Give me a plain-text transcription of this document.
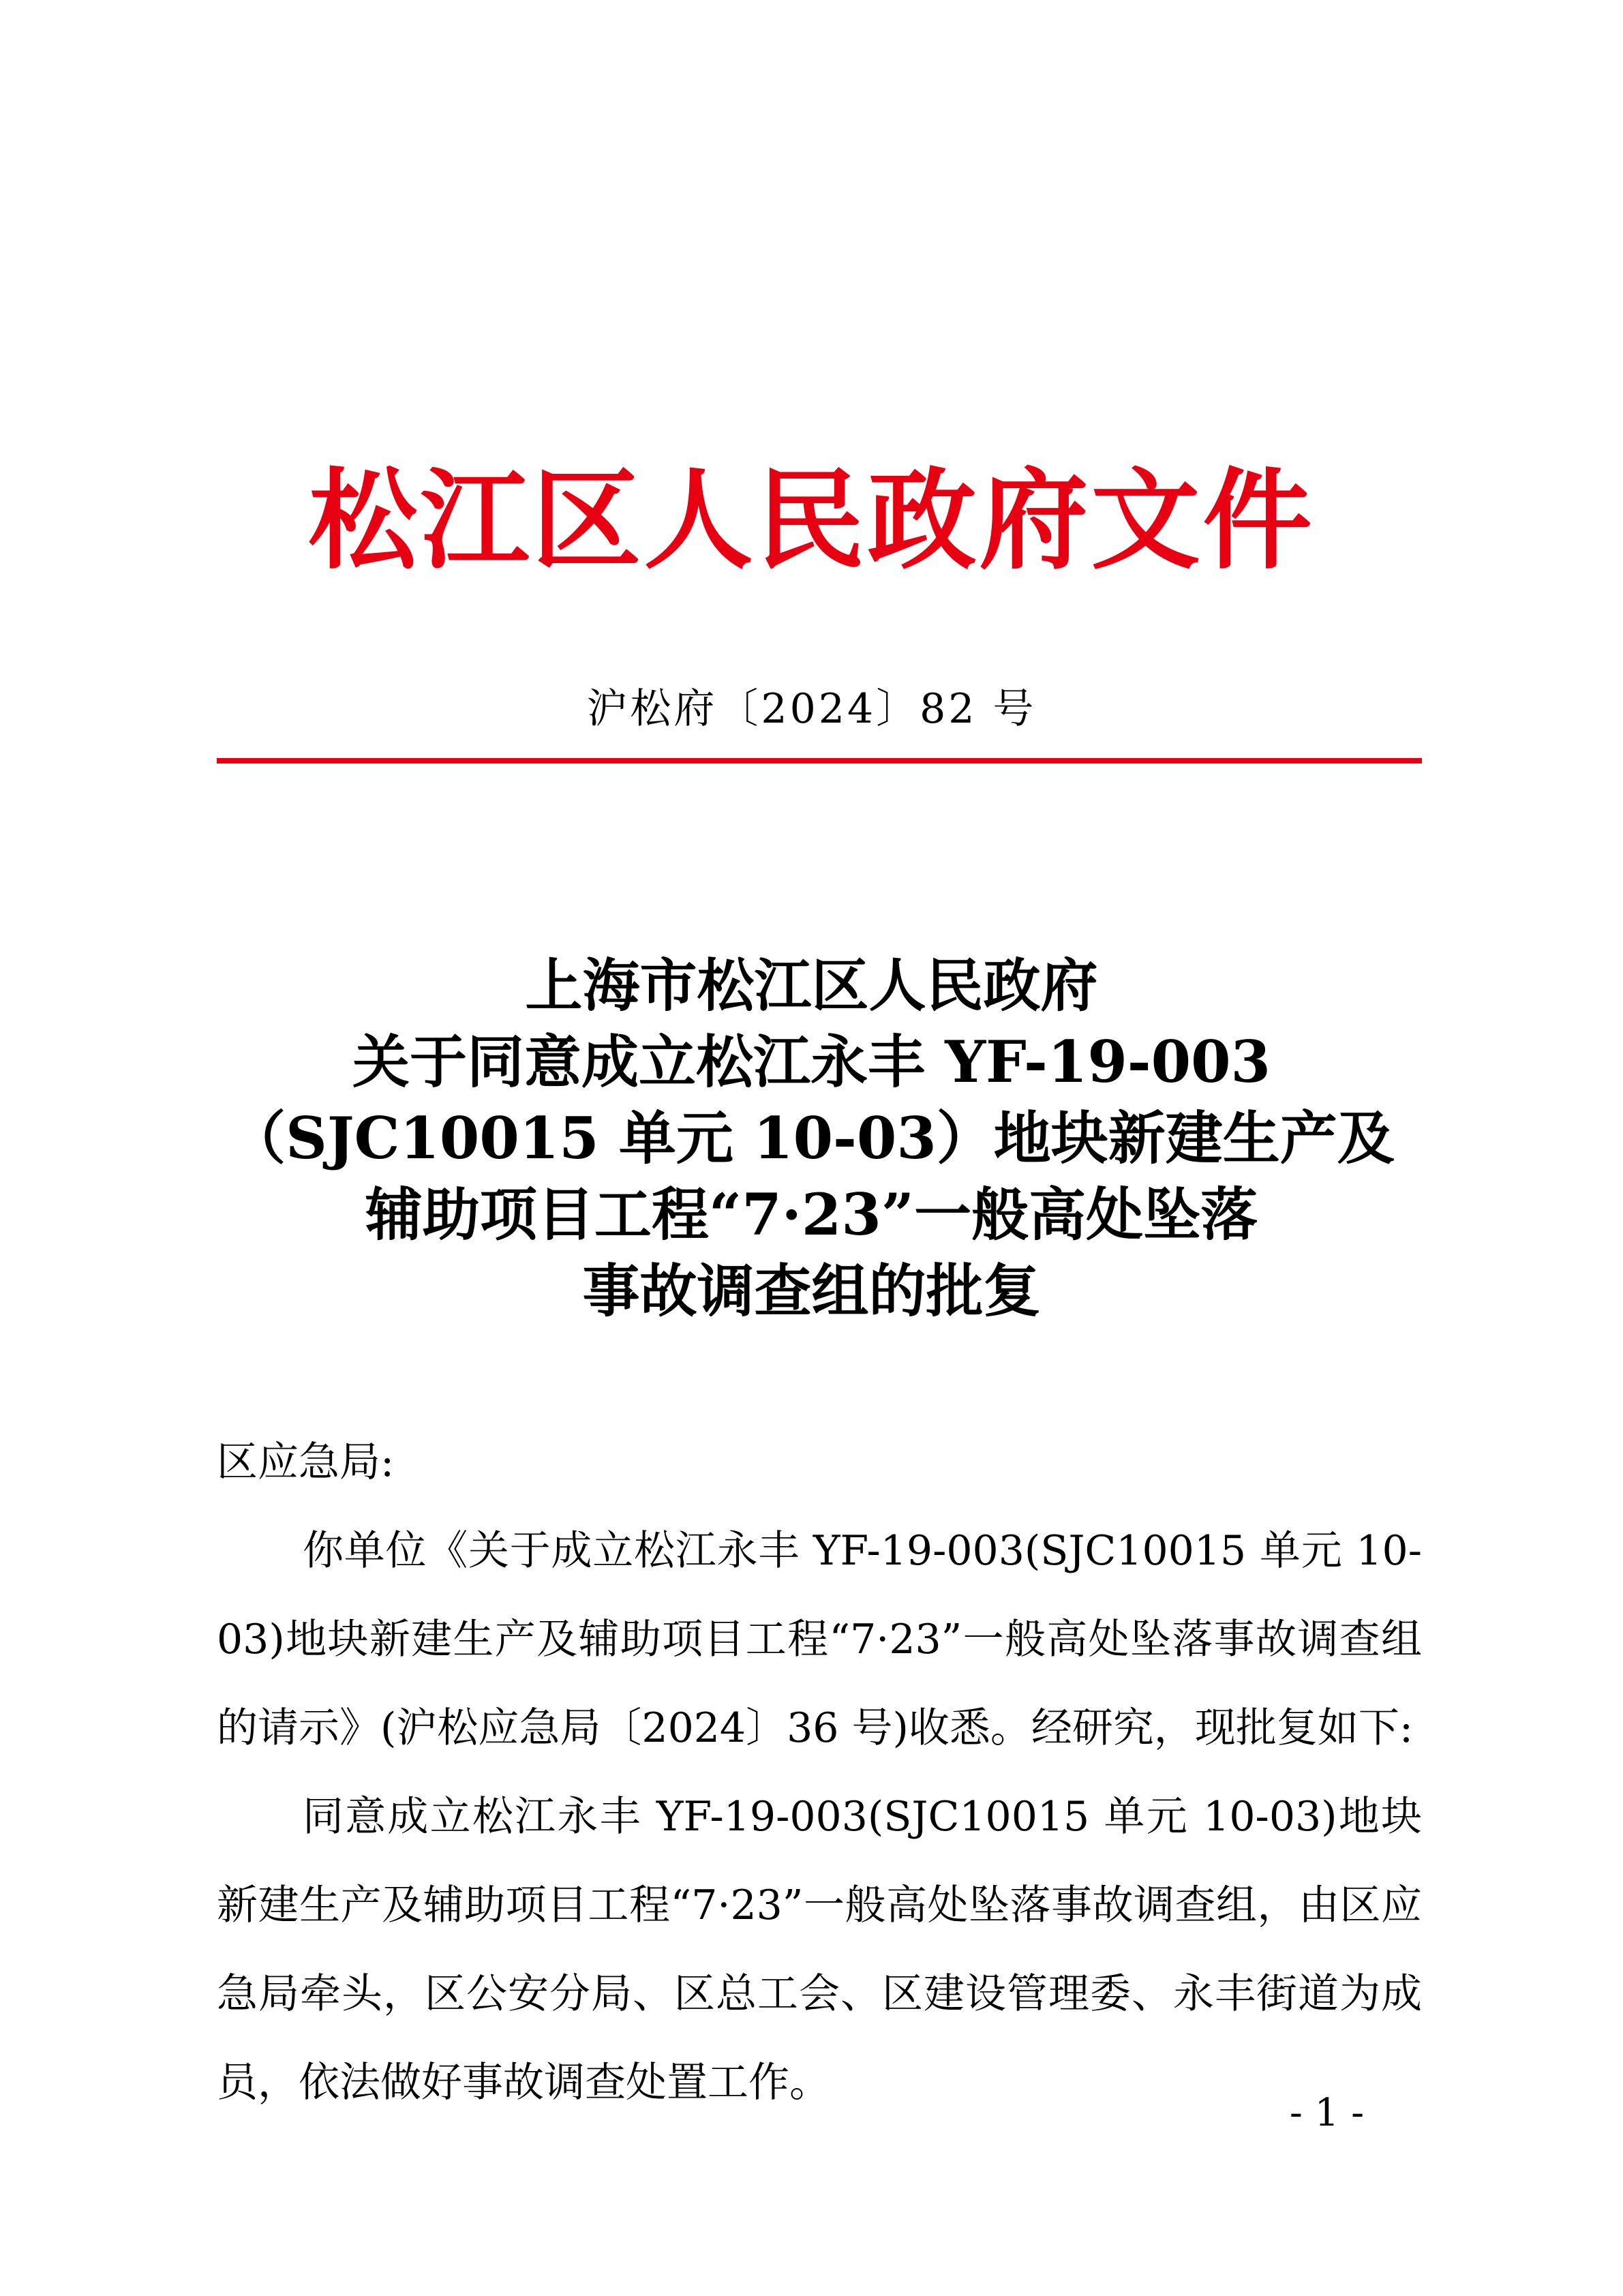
松江区人民政府文件
沪松府〔2024〕82 号
上海市松江区人民政府
关于同意成立松江永丰 YF-19-003
（SJC10015 单元 10-03）地块新建生产及
辅助项目工程“7·23”一般高处坠落
事故调查组的批复

区应急局:

你单位《关于成立松江永丰 YF-19-003(SJC10015 单元 10-03)地块新建生产及辅助项目工程“7·23”一般高处坠落事故调查组的请示》(沪松应急局〔2024〕36 号)收悉。经研究，现批复如下:

同意成立松江永丰 YF-19-003(SJC10015 单元 10-03)地块新建生产及辅助项目工程“7·23”一般高处坠落事故调查组，由区应急局牵头，区公安分局、区总工会、区建设管理委、永丰街道为成员，依法做好事故调查处置工作。

- 1 -
